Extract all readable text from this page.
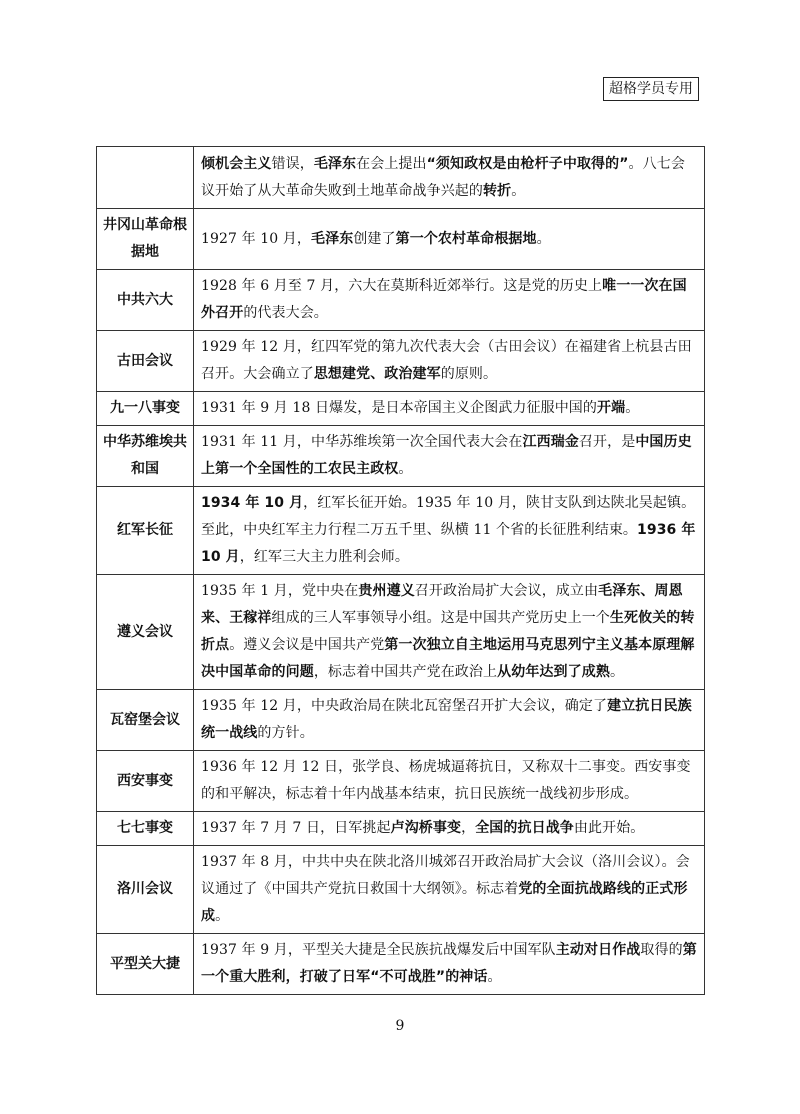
超格学员专用
	倾机会主义错误，毛泽东在会上提出“须知政权是由枪杆子中取得的”。八七会议开始了从大革命失败到土地革命战争兴起的转折。
井冈山革命根据地	1927 年 10 月，毛泽东创建了第一个农村革命根据地。
中共六大	1928 年 6 月至 7 月，六大在莫斯科近郊举行。这是党的历史上唯一一次在国外召开的代表大会。
古田会议	1929 年 12 月，红四军党的第九次代表大会（古田会议）在福建省上杭县古田召开。大会确立了思想建党、政治建军的原则。
九一八事变	1931 年 9 月 18 日爆发，是日本帝国主义企图武力征服中国的开端。
中华苏维埃共和国	1931 年 11 月，中华苏维埃第一次全国代表大会在江西瑞金召开，是中国历史上第一个全国性的工农民主政权。
红军长征	1934 年 10 月，红军长征开始。1935 年 10 月，陕甘支队到达陕北吴起镇。至此，中央红军主力行程二万五千里、纵横 11 个省的长征胜利结束。1936 年 10 月，红军三大主力胜利会师。
遵义会议	1935 年 1 月，党中央在贵州遵义召开政治局扩大会议，成立由毛泽东、周恩来、王稼祥组成的三人军事领导小组。这是中国共产党历史上一个生死攸关的转折点。遵义会议是中国共产党第一次独立自主地运用马克思列宁主义基本原理解决中国革命的问题，标志着中国共产党在政治上从幼年达到了成熟。
瓦窑堡会议	1935 年 12 月，中央政治局在陕北瓦窑堡召开扩大会议，确定了建立抗日民族统一战线的方针。
西安事变	1936 年 12 月 12 日，张学良、杨虎城逼蒋抗日，又称双十二事变。西安事变的和平解决，标志着十年内战基本结束，抗日民族统一战线初步形成。
七七事变	1937 年 7 月 7 日，日军挑起卢沟桥事变，全国的抗日战争由此开始。
洛川会议	1937 年 8 月，中共中央在陕北洛川城郊召开政治局扩大会议（洛川会议）。会议通过了《中国共产党抗日救国十大纲领》。标志着党的全面抗战路线的正式形成。
平型关大捷	1937 年 9 月，平型关大捷是全民族抗战爆发后中国军队主动对日作战取得的第一个重大胜利，打破了日军“不可战胜”的神话。
9
